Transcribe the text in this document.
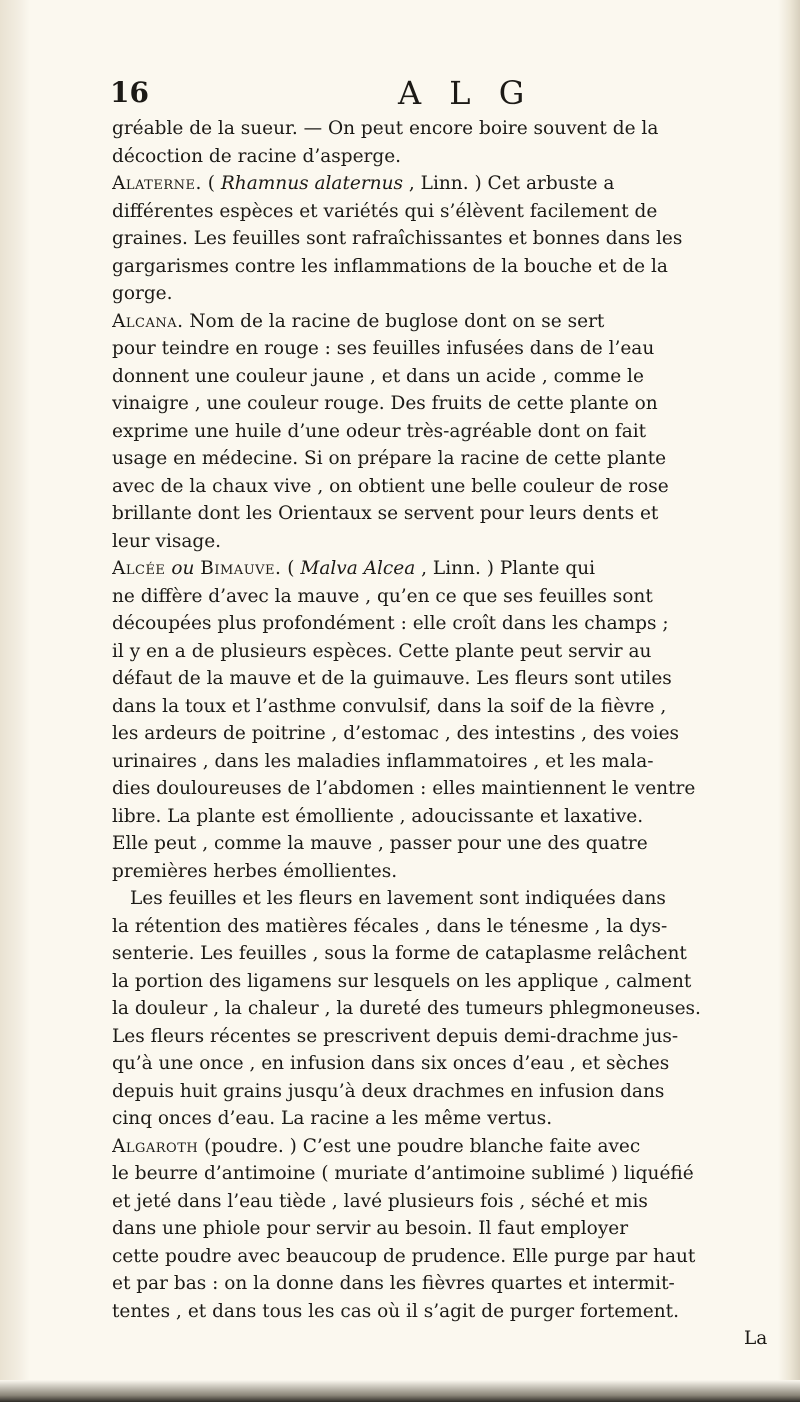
16	A L G
gréable de la sueur. — On peut encore boire souvent de la
décoction de racine d’asperge.
Alaterne. ( Rhamnus alaternus , Linn. ) Cet arbuste a
différentes espèces et variétés qui s’élèvent facilement de
graines. Les feuilles sont rafraîchissantes et bonnes dans les
gargarismes contre les inflammations de la bouche et de la
gorge.
Alcana. Nom de la racine de buglose dont on se sert
pour teindre en rouge : ses feuilles infusées dans de l’eau
donnent une couleur jaune , et dans un acide , comme le
vinaigre , une couleur rouge. Des fruits de cette plante on
exprime une huile d’une odeur très-agréable dont on fait
usage en médecine. Si on prépare la racine de cette plante
avec de la chaux vive , on obtient une belle couleur de rose
brillante dont les Orientaux se servent pour leurs dents et
leur visage.
Alcée ou Bimauve. ( Malva Alcea , Linn. ) Plante qui
ne diffère d’avec la mauve , qu’en ce que ses feuilles sont
découpées plus profondément : elle croît dans les champs ;
il y en a de plusieurs espèces. Cette plante peut servir au
défaut de la mauve et de la guimauve. Les fleurs sont utiles
dans la toux et l’asthme convulsif, dans la soif de la fièvre ,
les ardeurs de poitrine , d’estomac , des intestins , des voies
urinaires , dans les maladies inflammatoires , et les mala-
dies douloureuses de l’abdomen : elles maintiennent le ventre
libre. La plante est émolliente , adoucissante et laxative.
Elle peut , comme la mauve , passer pour une des quatre
premières herbes émollientes.
Les feuilles et les fleurs en lavement sont indiquées dans
la rétention des matières fécales , dans le ténesme , la dys-
senterie. Les feuilles , sous la forme de cataplasme relâchent
la portion des ligamens sur lesquels on les applique , calment
la douleur , la chaleur , la dureté des tumeurs phlegmoneuses.
Les fleurs récentes se prescrivent depuis demi-drachme jus-
qu’à une once , en infusion dans six onces d’eau , et sèches
depuis huit grains jusqu’à deux drachmes en infusion dans
cinq onces d’eau. La racine a les même vertus.
Algaroth (poudre. ) C’est une poudre blanche faite avec
le beurre d’antimoine ( muriate d’antimoine sublimé ) liquéfié
et jeté dans l’eau tiède , lavé plusieurs fois , séché et mis
dans une phiole pour servir au besoin. Il faut employer
cette poudre avec beaucoup de prudence. Elle purge par haut
et par bas : on la donne dans les fièvres quartes et intermit-
tentes , et dans tous les cas où il s’agit de purger fortement.
La
